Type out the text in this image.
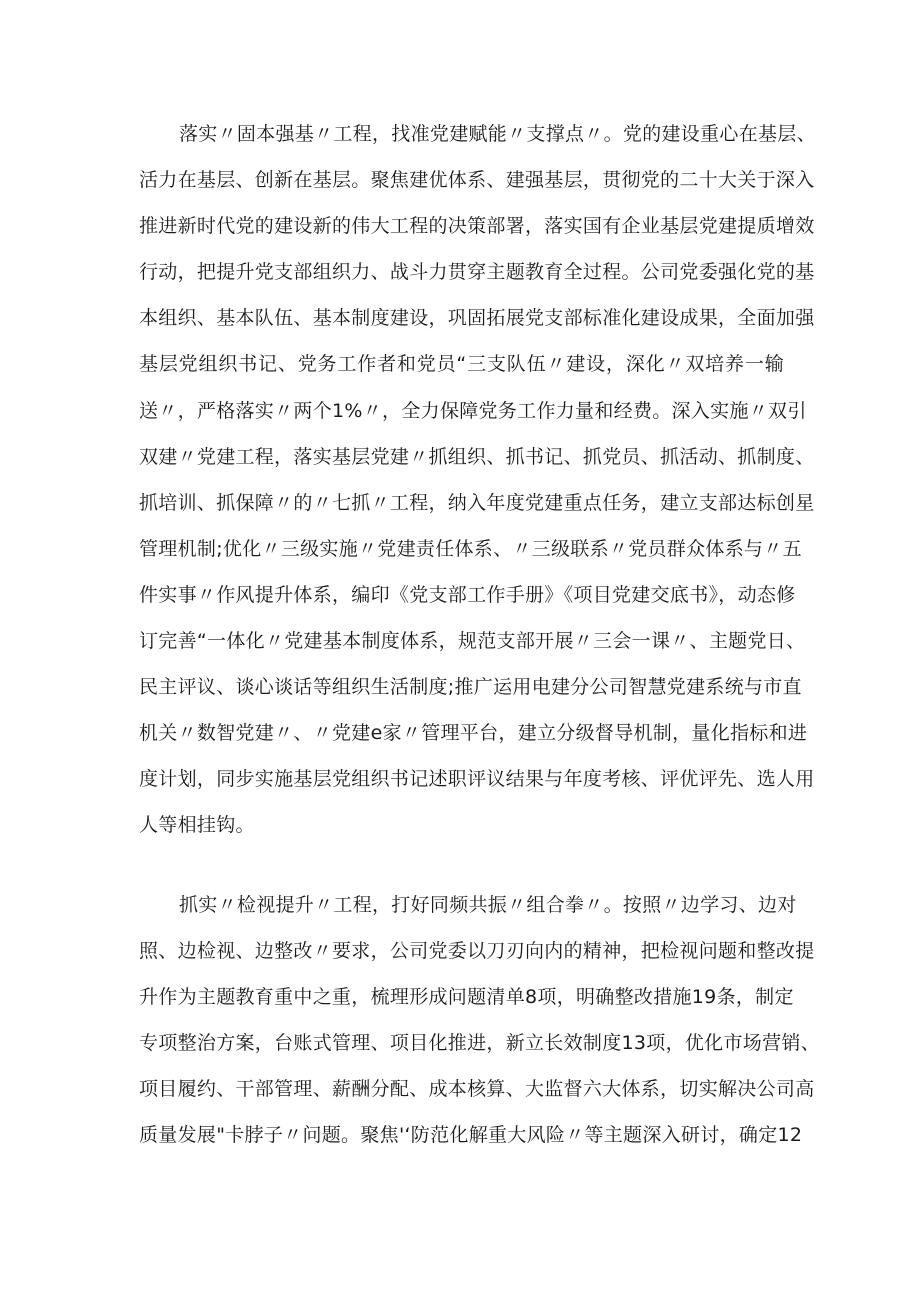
落实〃固本强基〃工程，找准党建赋能〃支撑点〃。党的建设重心在基层、
活力在基层、创新在基层。聚焦建优体系、建强基层，贯彻党的二十大关于深入
推进新时代党的建设新的伟大工程的决策部署，落实国有企业基层党建提质增效
行动，把提升党支部组织力、战斗力贯穿主题教育全过程。公司党委强化党的基
本组织、基本队伍、基本制度建设，巩固拓展党支部标准化建设成果，全面加强
基层党组织书记、党务工作者和党员“三支队伍〃建设，深化〃双培养一输
送〃，严格落实〃两个1%〃，全力保障党务工作力量和经费。深入实施〃双引
双建〃党建工程，落实基层党建〃抓组织、抓书记、抓党员、抓活动、抓制度、
抓培训、抓保障〃的〃七抓〃工程，纳入年度党建重点任务，建立支部达标创星
管理机制;优化〃三级实施〃党建责任体系、〃三级联系〃党员群众体系与〃五
件实事〃作风提升体系，编印《党支部工作手册》《项目党建交底书》，动态修
订完善“一体化〃党建基本制度体系，规范支部开展〃三会一课〃、主题党日、
民主评议、谈心谈话等组织生活制度;推广运用电建分公司智慧党建系统与市直
机关〃数智党建〃、〃党建e家〃管理平台，建立分级督导机制，量化指标和进
度计划，同步实施基层党组织书记述职评议结果与年度考核、评优评先、选人用
人等相挂钩。
抓实〃检视提升〃工程，打好同频共振〃组合拳〃。按照〃边学习、边对
照、边检视、边整改〃要求，公司党委以刀刃向内的精神，把检视问题和整改提
升作为主题教育重中之重，梳理形成问题清单8项，明确整改措施19条，制定
专项整治方案，台账式管理、项目化推进，新立长效制度13项，优化市场营销、
项目履约、干部管理、薪酬分配、成本核算、大监督六大体系，切实解决公司高
质量发展"卡脖子〃问题。聚焦'‘防范化解重大风险〃等主题深入研讨，确定12
